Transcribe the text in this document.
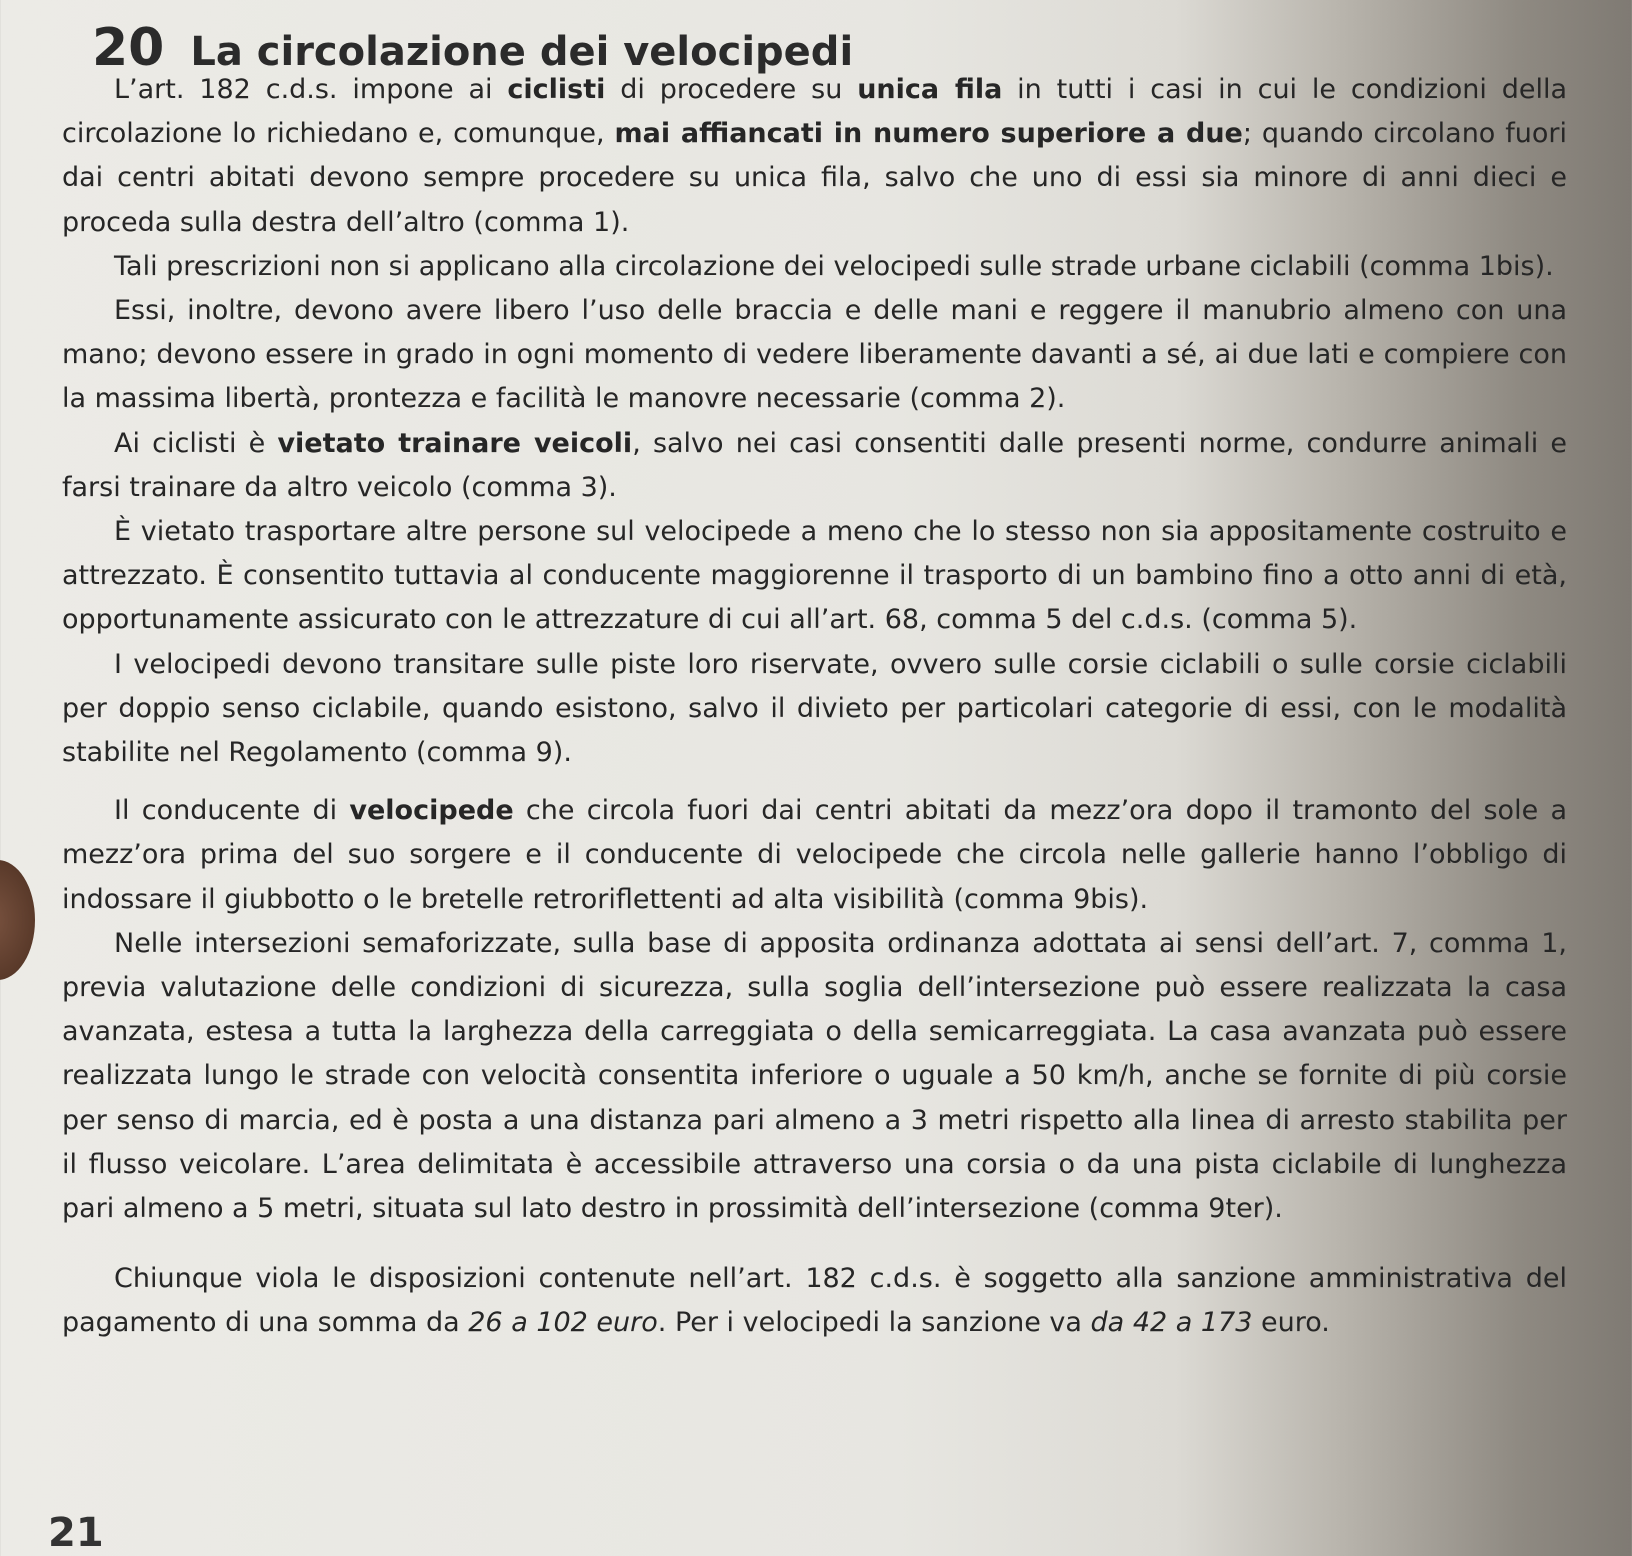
20 La circolazione dei velocipedi

L’art. 182 c.d.s. impone ai ciclisti di procedere su unica fila in tutti i casi in cui le condizioni della circolazione lo richiedano e, comunque, mai affiancati in numero superiore a due; quando circolano fuori dai centri abitati devono sempre procedere su unica fila, salvo che uno di essi sia minore di anni dieci e proceda sulla destra dell’altro (comma 1).

Tali prescrizioni non si applicano alla circolazione dei velocipedi sulle strade urbane ciclabili (comma 1bis).

Essi, inoltre, devono avere libero l’uso delle braccia e delle mani e reggere il manubrio almeno con una mano; devono essere in grado in ogni momento di vedere liberamente davanti a sé, ai due lati e compiere con la massima libertà, prontezza e facilità le manovre necessarie (comma 2).

Ai ciclisti è vietato trainare veicoli, salvo nei casi consentiti dalle presenti norme, condurre animali e farsi trainare da altro veicolo (comma 3).

È vietato trasportare altre persone sul velocipede a meno che lo stesso non sia appositamente costruito e attrezzato. È consentito tuttavia al conducente maggiorenne il trasporto di un bambino fino a otto anni di età, opportunamente assicurato con le attrezzature di cui all’art. 68, comma 5 del c.d.s. (comma 5).

I velocipedi devono transitare sulle piste loro riservate, ovvero sulle corsie ciclabili o sulle corsie ciclabili per doppio senso ciclabile, quando esistono, salvo il divieto per particolari categorie di essi, con le modalità stabilite nel Regolamento (comma 9).

Il conducente di velocipede che circola fuori dai centri abitati da mezz’ora dopo il tramonto del sole a mezz’ora prima del suo sorgere e il conducente di velocipede che circola nelle gallerie hanno l’obbligo di indossare il giubbotto o le bretelle retroriflettenti ad alta visibilità (comma 9bis).

Nelle intersezioni semaforizzate, sulla base di apposita ordinanza adottata ai sensi dell’art. 7, comma 1, previa valutazione delle condizioni di sicurezza, sulla soglia dell’intersezione può essere realizzata la casa avanzata, estesa a tutta la larghezza della carreggiata o della semicarreggiata. La casa avanzata può essere realizzata lungo le strade con velocità consentita inferiore o uguale a 50 km/h, anche se fornite di più corsie per senso di marcia, ed è posta a una distanza pari almeno a 3 metri rispetto alla linea di arresto stabilita per il flusso veicolare. L’area delimitata è accessibile attraverso una corsia o da una pista ciclabile di lunghezza pari almeno a 5 metri, situata sul lato destro in prossimità dell’intersezione (comma 9ter).

Chiunque viola le disposizioni contenute nell’art. 182 c.d.s. è soggetto alla sanzione amministrativa del pagamento di una somma da 26 a 102 euro. Per i velocipedi la sanzione va da 42 a 173 euro.

21
